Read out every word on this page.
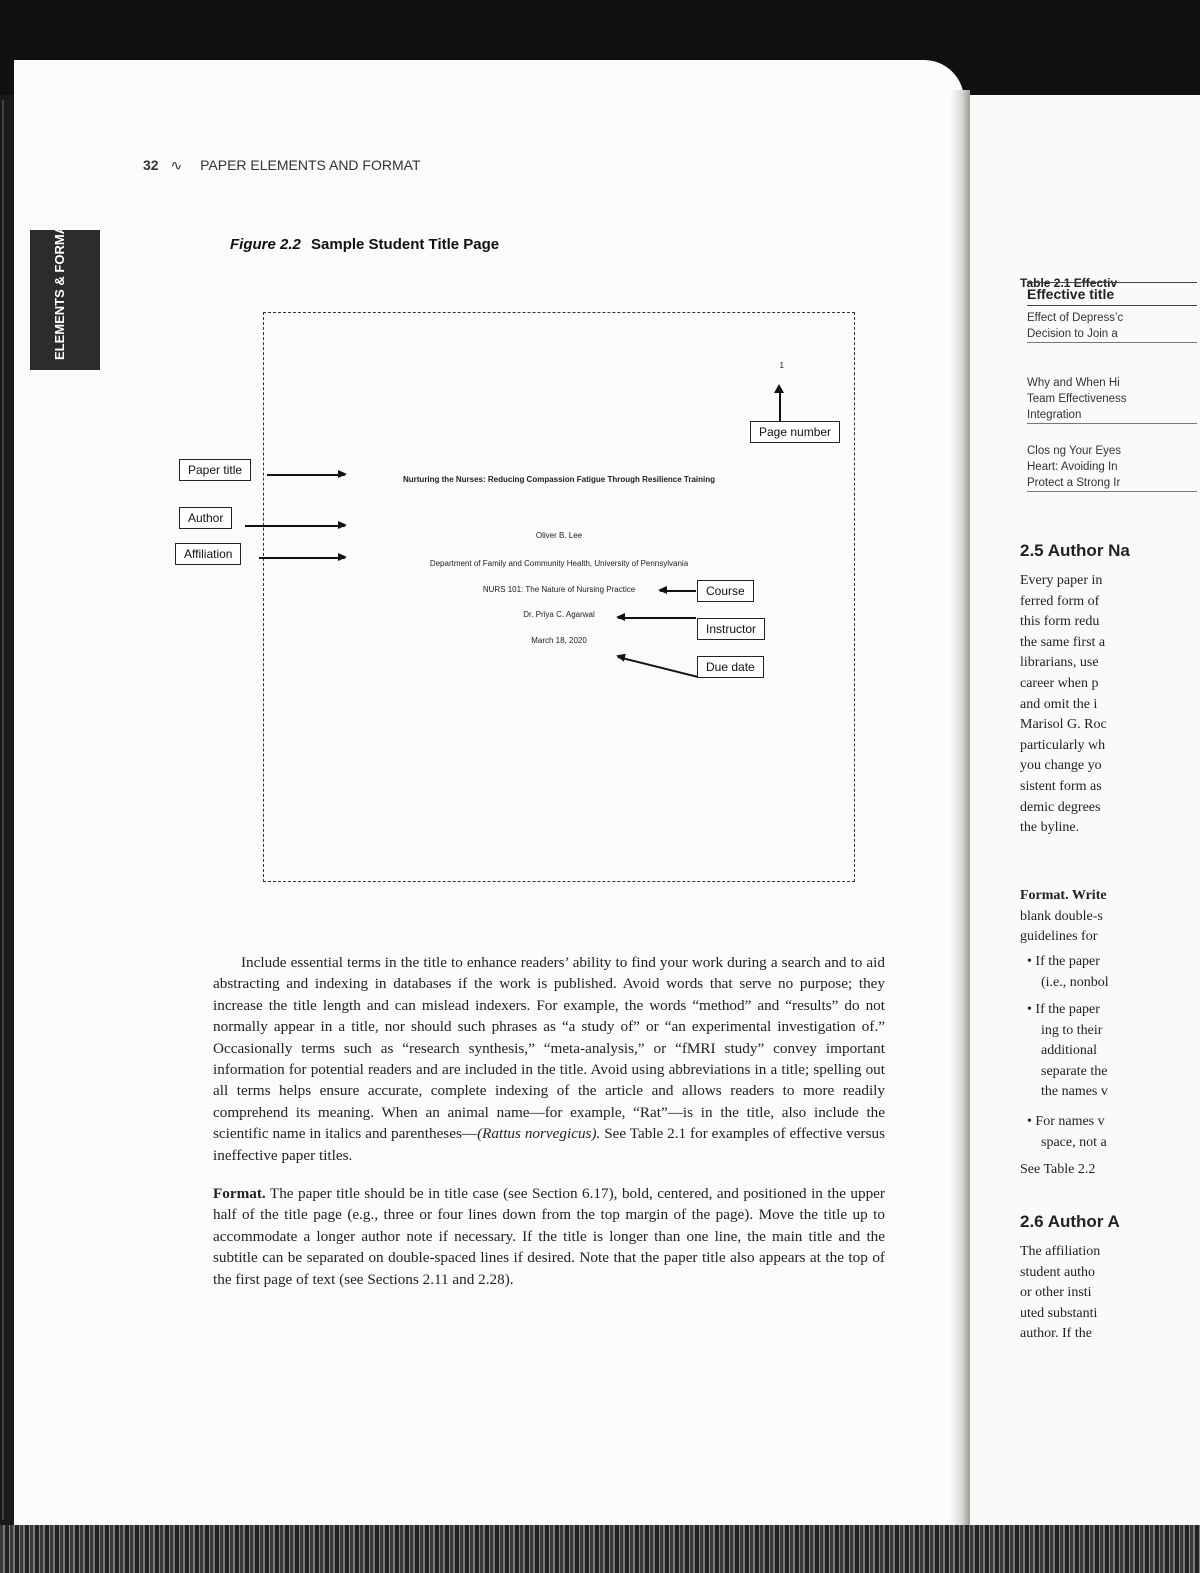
ELEMENTS & FORMAT
32 ∿ PAPER ELEMENTS AND FORMAT
Figure 2.2 Sample Student Title Page
1
Nurturing the Nurses: Reducing Compassion Fatigue Through Resilience Training
Oliver B. Lee
Department of Family and Community Health, University of Pennsylvania
NURS 101: The Nature of Nursing Practice
Dr. Priya C. Agarwal
March 18, 2020
Page number
Paper title
Author
Affiliation
Course
Instructor
Due date

Include essential terms in the title to enhance readers’ ability to find your work during a search and to aid abstracting and indexing in databases if the work is published. Avoid words that serve no purpose; they increase the title length and can mislead indexers. For example, the words “method” and “results” do not normally appear in a title, nor should such phrases as “a study of” or “an experimental investigation of.” Occasionally terms such as “research synthesis,” “meta-analysis,” or “fMRI study” convey important information for potential readers and are included in the title. Avoid using abbreviations in a title; spelling out all terms helps ensure accurate, complete indexing of the article and allows readers to more readily comprehend its meaning. When an animal name—for example, “Rat”—is in the title, also include the scientific name in italics and parentheses—(Rattus norvegicus). See Table 2.1 for examples of effective versus ineffective paper titles.

Format. The paper title should be in title case (see Section 6.17), bold, centered, and positioned in the upper half of the title page (e.g., three or four lines down from the top margin of the page). Move the title up to accommodate a longer author note if necessary. If the title is longer than one line, the main title and the subtitle can be separated on double-spaced lines if desired. Note that the paper title also appears at the top of the first page of text (see Sections 2.11 and 2.28).

Table 2.1 Effectiv
Effective title
Effect of Depress’c
Decision to Join a
Why and When Hi
Team Effectiveness
Integration
Clos ng Your Eyes
Heart: Avoiding In
Protect a Strong Ir
2.5 Author Na
Every paper in
ferred form of
this form redu
the same first a
librarians, use
career when p
and omit the i
Marisol G. Roc
particularly wh
you change yo
sistent form as
demic degrees
the byline.
Format. Write
blank double-s
guidelines for
• If the paper
(i.e., nonbol
• If the paper
ing to their
additional
separate the
the names v
• For names v
space, not a
See Table 2.2
2.6 Author A
The affiliation
student autho
or other insti
uted substanti
author. If the
